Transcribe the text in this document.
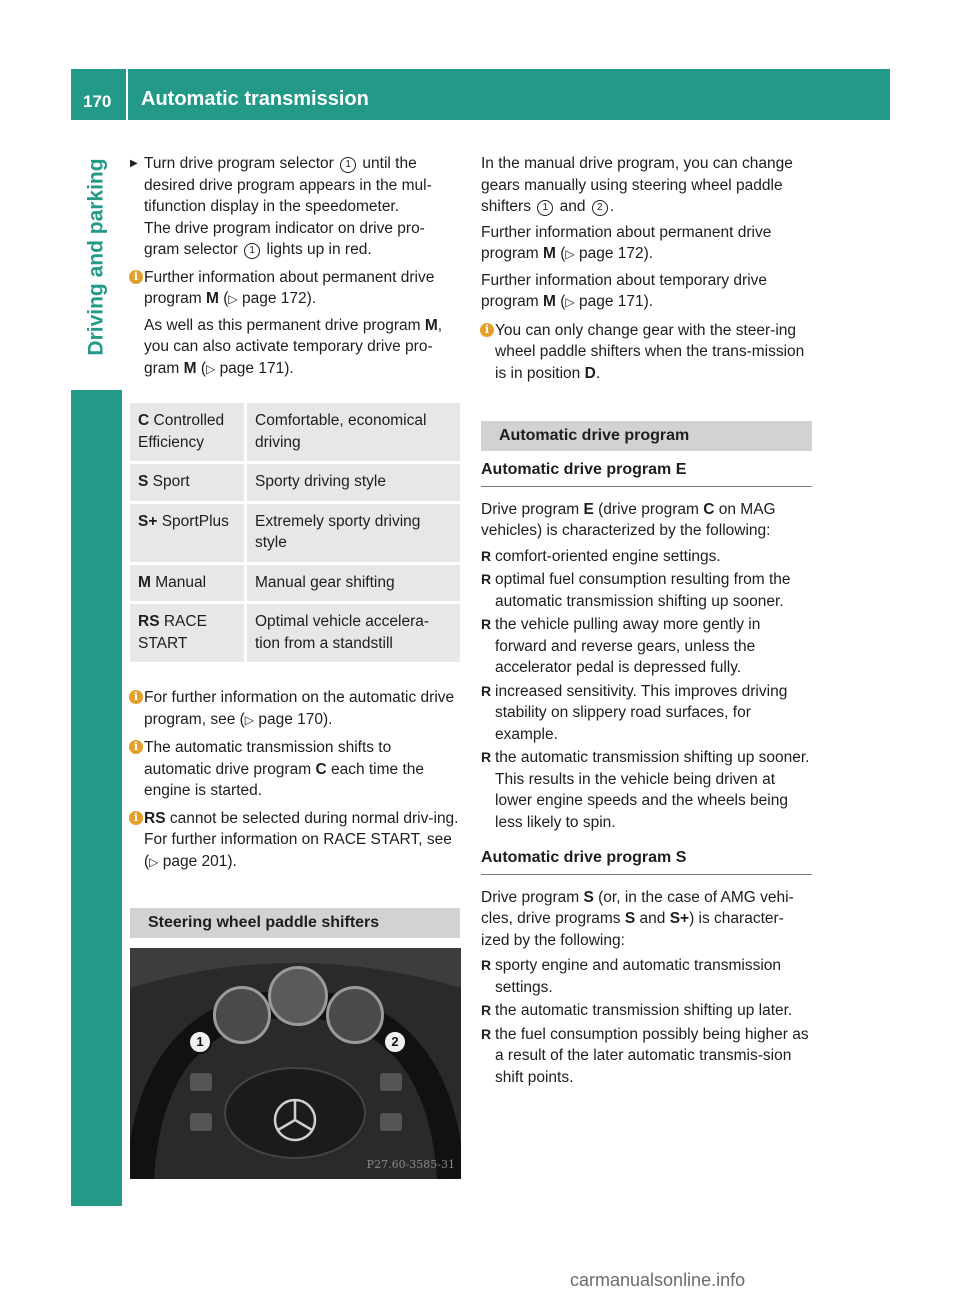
170 Automatic transmission
Driving and parking	▶ Turn drive program selector 1 until the desired drive program appears in the mul-tifunction display in the speedometer.
The drive program indicator on drive pro-gram selector 1 lights up in red.

i Further information about permanent drive program M (▷ page 172).

As well as this permanent drive program M, you can also activate temporary drive pro-gram M (▷ page 171).

C Controlled Efficiency	Comfortable, economical driving
S Sport	Sporty driving style
S+ SportPlus	Extremely sporty driving style
M Manual	Manual gear shifting
RS RACE START	Optimal vehicle accelera-tion from a standstill

i For further information on the automatic drive program, see (▷ page 170).

i The automatic transmission shifts to automatic drive program C each time the engine is started.

i RS cannot be selected during normal driv-ing. For further information on RACE START, see (▷ page 201).

Steering wheel paddle shifters
1	2
P27.60-3585-31

In the manual drive program, you can change gears manually using steering wheel paddle shifters 1 and 2 .

Further information about permanent drive program M (▷ page 172).

Further information about temporary drive program M (▷ page 171).

i You can only change gear with the steer-ing wheel paddle shifters when the trans-mission is in position D.

Automatic drive program
Automatic drive program E

Drive program E (drive program C on MAG vehicles) is characterized by the following:

R comfort-oriented engine settings.

R optimal fuel consumption resulting from the automatic transmission shifting up sooner.

R the vehicle pulling away more gently in forward and reverse gears, unless the accelerator pedal is depressed fully.

R increased sensitivity. This improves driving stability on slippery road surfaces, for example.

R the automatic transmission shifting up sooner. This results in the vehicle being driven at lower engine speeds and the wheels being less likely to spin.

Automatic drive program S

Drive program S (or, in the case of AMG vehi-cles, drive programs S and S+) is character-ized by the following:

R sporty engine and automatic transmission settings.

R the automatic transmission shifting up later.

R the fuel consumption possibly being higher as a result of the later automatic transmis-sion shift points.

carmanualsonline.info
